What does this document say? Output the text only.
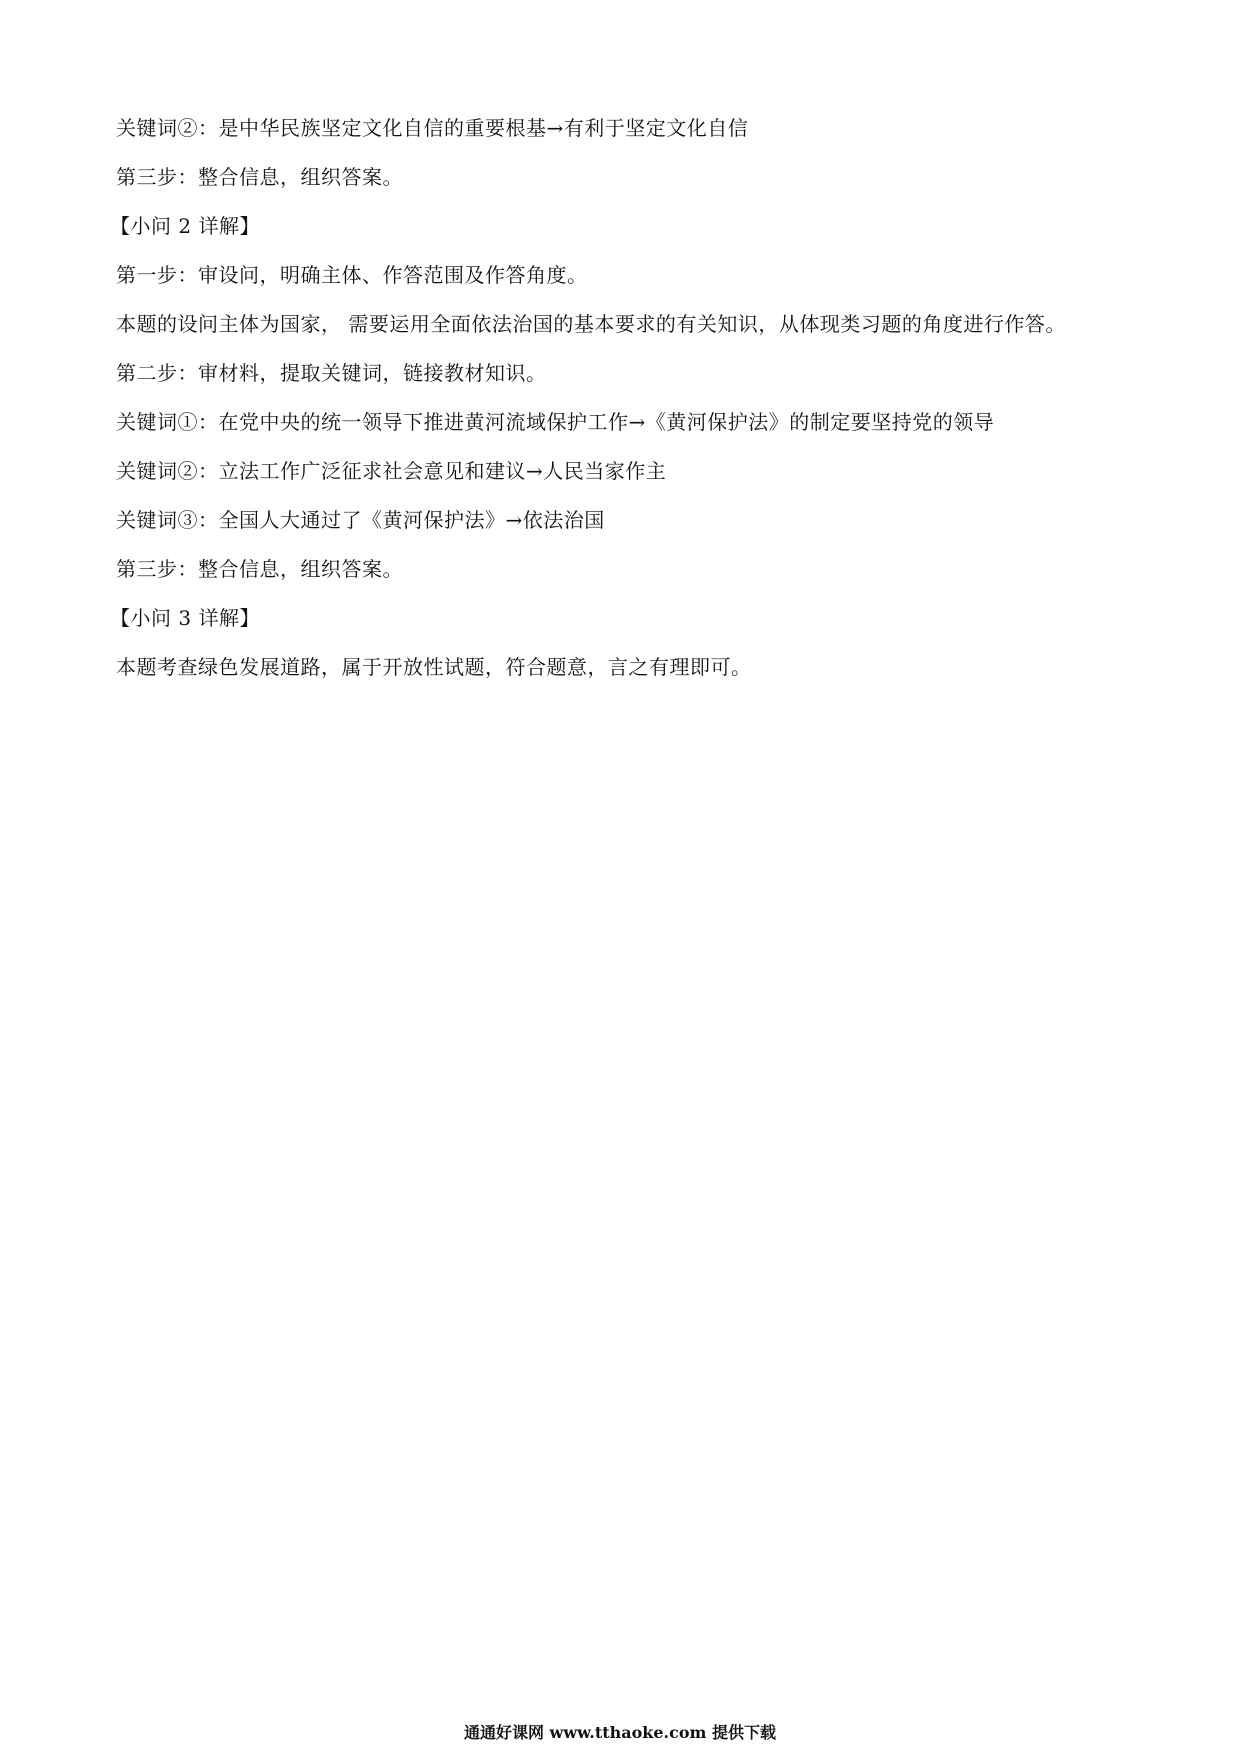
关键词②：是中华民族坚定文化自信的重要根基→有利于坚定文化自信
第三步：整合信息，组织答案。
【小问 2 详解】
第一步：审设问，明确主体、作答范围及作答角度。
本题的设问主体为国家， 需要运用全面依法治国的基本要求的有关知识，从体现类习题的角度进行作答。
第二步：审材料，提取关键词，链接教材知识。
关键词①：在党中央的统一领导下推进黄河流域保护工作→《黄河保护法》的制定要坚持党的领导
关键词②：立法工作广泛征求社会意见和建议→人民当家作主
关键词③：全国人大通过了《黄河保护法》→依法治国
第三步：整合信息，组织答案。
【小问 3 详解】
本题考查绿色发展道路，属于开放性试题，符合题意，言之有理即可。
通通好课网 www.tthaoke.com 提供下载
